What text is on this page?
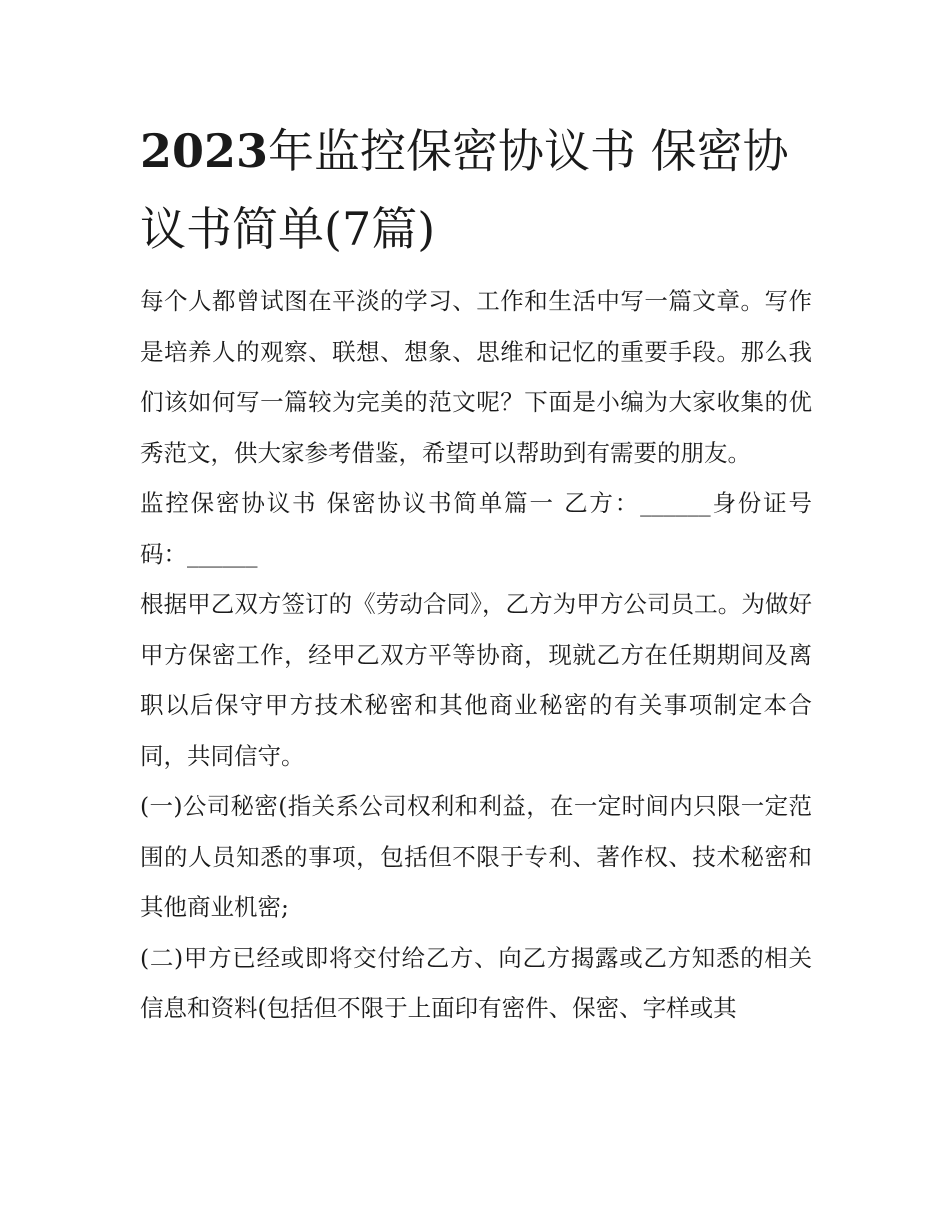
2023年监控保密协议书 保密协议书简单(7篇)

每个人都曾试图在平淡的学习、工作和生活中写一篇文章。写作是培养人的观察、联想、想象、思维和记忆的重要手段。那么我们该如何写一篇较为完美的范文呢？下面是小编为大家收集的优秀范文，供大家参考借鉴，希望可以帮助到有需要的朋友。

监控保密协议书 保密协议书简单篇一 乙方：______身份证号码：______

根据甲乙双方签订的《劳动合同》，乙方为甲方公司员工。为做好甲方保密工作，经甲乙双方平等协商，现就乙方在任期期间及离职以后保守甲方技术秘密和其他商业秘密的有关事项制定本合同，共同信守。

(一)公司秘密(指关系公司权利和利益，在一定时间内只限一定范围的人员知悉的事项，包括但不限于专利、著作权、技术秘密和其他商业机密;

(二)甲方已经或即将交付给乙方、向乙方揭露或乙方知悉的相关信息和资料(包括但不限于上面印有密件、保密、字样或其
